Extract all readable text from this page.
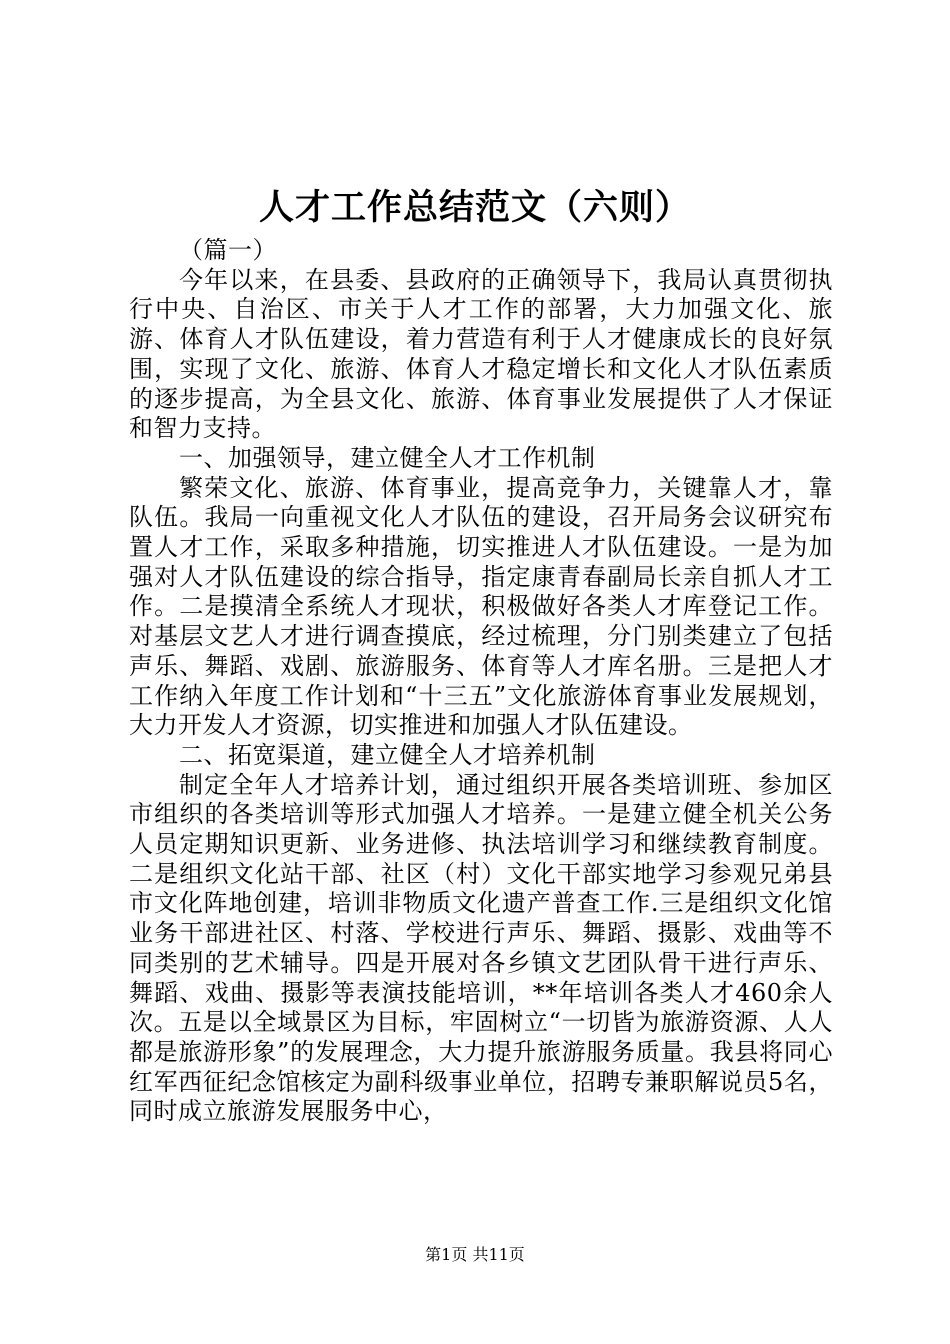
人才工作总结范文（六则）

（篇一）

今年以来，在县委、县政府的正确领导下，我局认真贯彻执行中央、自治区、市关于人才工作的部署，大力加强文化、旅游、体育人才队伍建设，着力营造有利于人才健康成长的良好氛围，实现了文化、旅游、体育人才稳定增长和文化人才队伍素质的逐步提高，为全县文化、旅游、体育事业发展提供了人才保证和智力支持。

一、加强领导，建立健全人才工作机制

繁荣文化、旅游、体育事业，提高竞争力，关键靠人才，靠队伍。我局一向重视文化人才队伍的建设，召开局务会议研究布置人才工作，采取多种措施，切实推进人才队伍建设。一是为加强对人才队伍建设的综合指导，指定康青春副局长亲自抓人才工作。二是摸清全系统人才现状，积极做好各类人才库登记工作。对基层文艺人才进行调查摸底，经过梳理，分门别类建立了包括声乐、舞蹈、戏剧、旅游服务、体育等人才库名册。三是把人才工作纳入年度工作计划和“十三五”文化旅游体育事业发展规划，大力开发人才资源，切实推进和加强人才队伍建设。

二、拓宽渠道，建立健全人才培养机制

制定全年人才培养计划，通过组织开展各类培训班、参加区市组织的各类培训等形式加强人才培养。一是建立健全机关公务人员定期知识更新、业务进修、执法培训学习和继续教育制度。二是组织文化站干部、社区（村）文化干部实地学习参观兄弟县市文化阵地创建，培训非物质文化遗产普查工作.三是组织文化馆业务干部进社区、村落、学校进行声乐、舞蹈、摄影、戏曲等不同类别的艺术辅导。四是开展对各乡镇文艺团队骨干进行声乐、舞蹈、戏曲、摄影等表演技能培训，**年培训各类人才460余人次。五是以全域景区为目标，牢固树立“一切皆为旅游资源、人人都是旅游形象”的发展理念，大力提升旅游服务质量。我县将同心红军西征纪念馆核定为副科级事业单位，招聘专兼职解说员5名，同时成立旅游发展服务中心，

第1页 共11页
